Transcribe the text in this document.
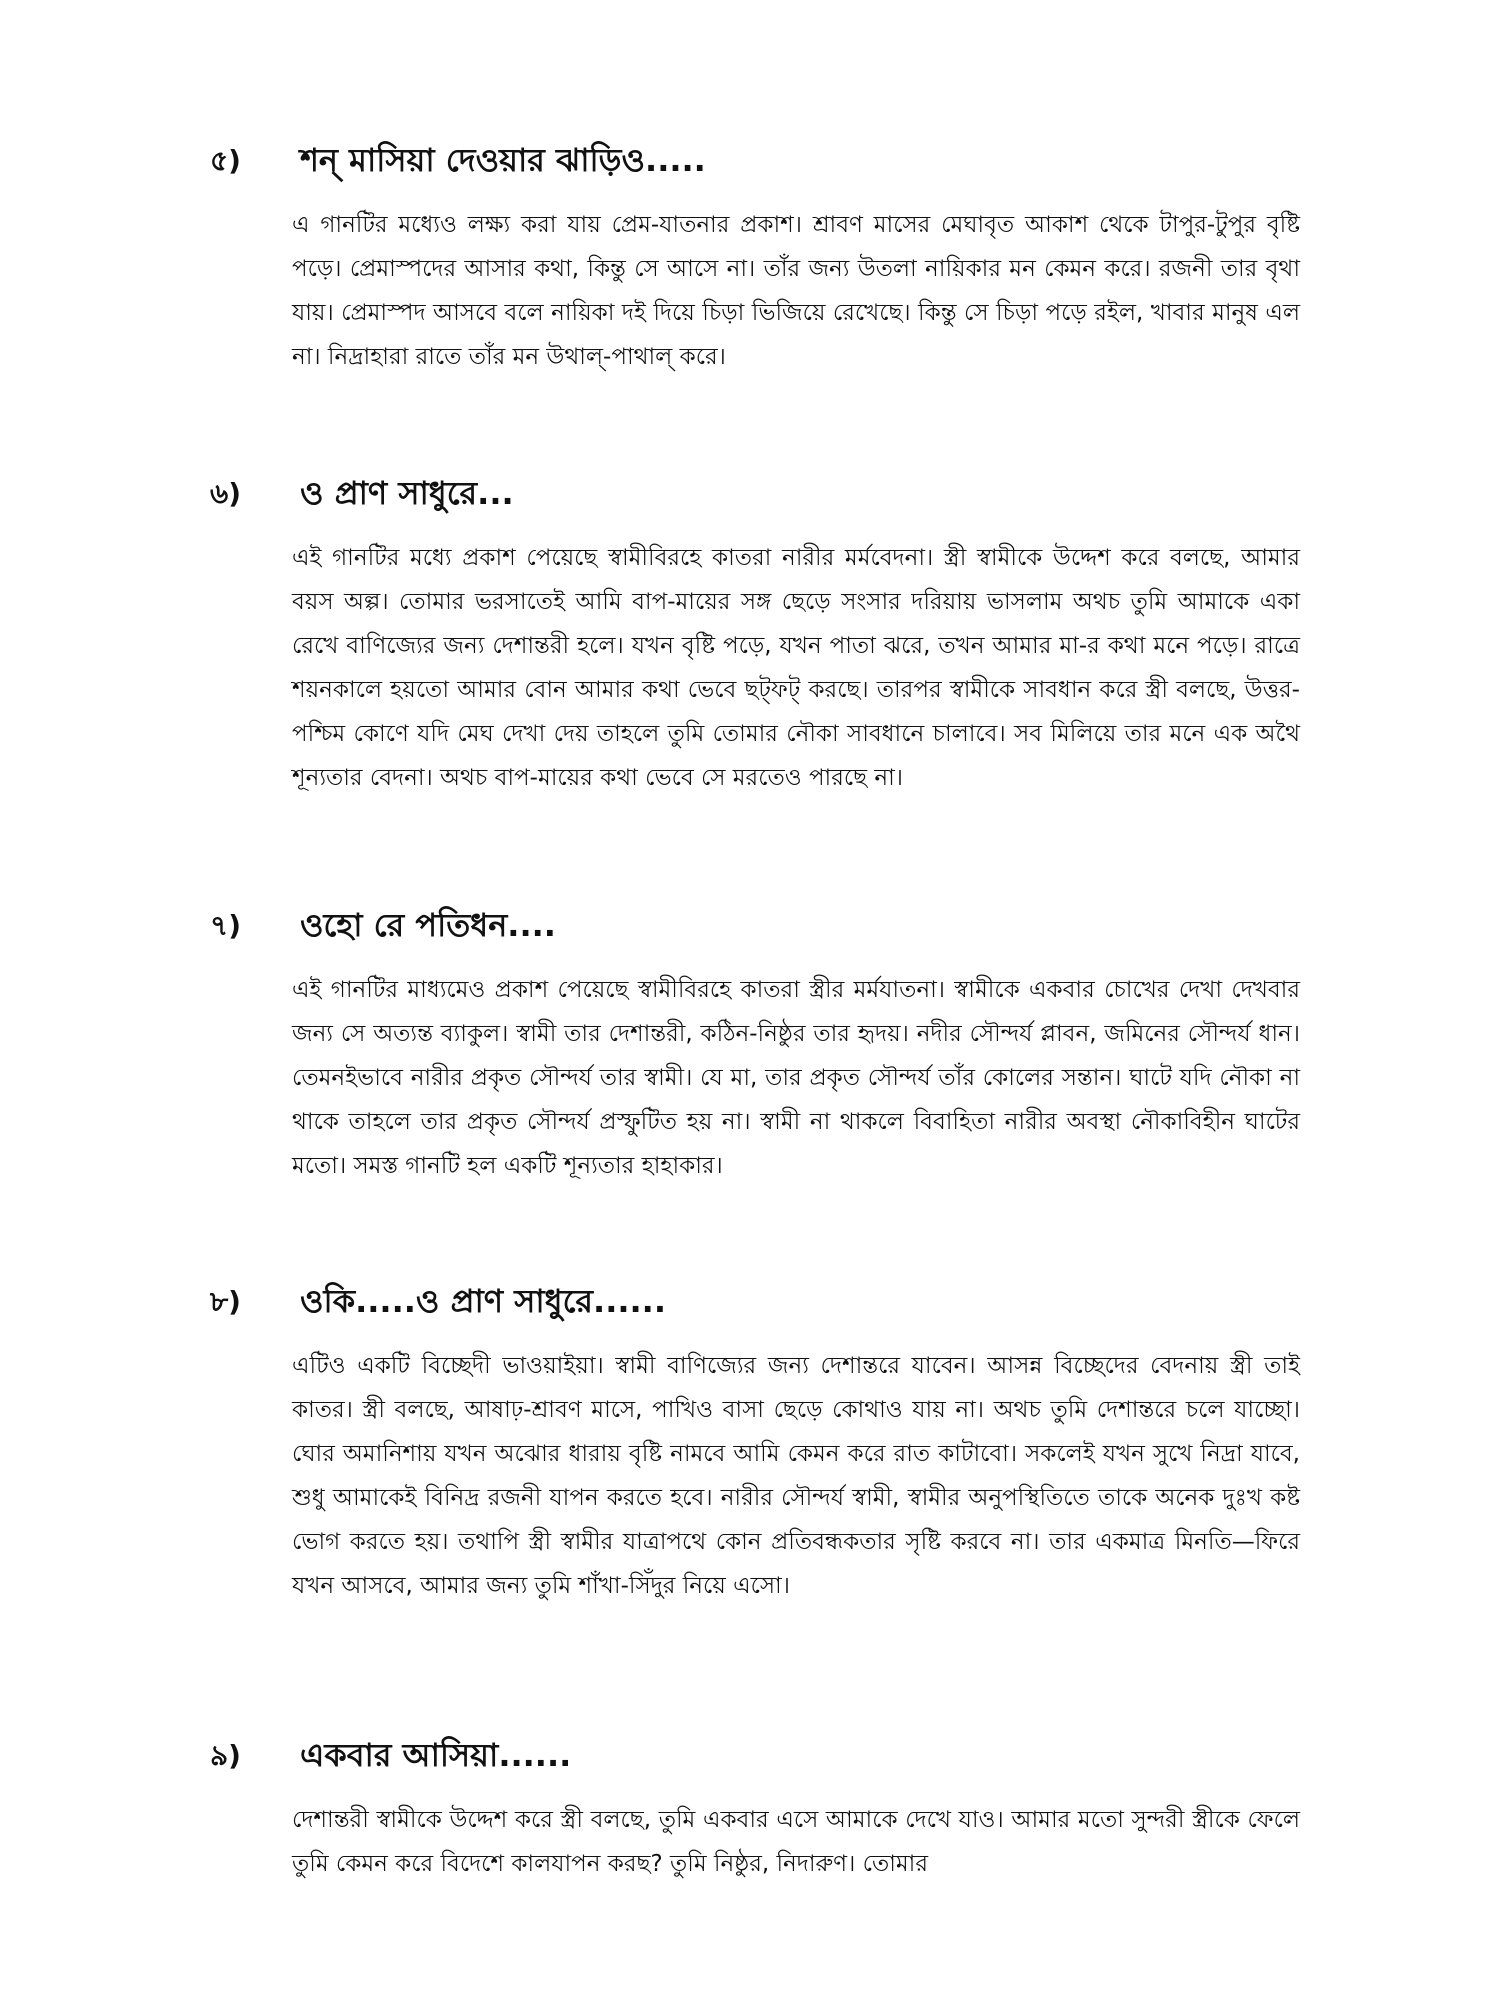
৫) শন্ মাসিয়া দেওয়ার ঝাড়িও.....

এ গানটির মধ্যেও লক্ষ্য করা যায় প্রেম-যাতনার প্রকাশ। শ্রাবণ মাসের মেঘাবৃত আকাশ থেকে টাপুর-টুপুর বৃষ্টি পড়ে। প্রেমাস্পদের আসার কথা, কিন্তু সে আসে না। তাঁর জন্য উতলা নায়িকার মন কেমন করে। রজনী তার বৃথা যায়। প্রেমাস্পদ আসবে বলে নায়িকা দই দিয়ে চিড়া ভিজিয়ে রেখেছে। কিন্তু সে চিড়া পড়ে রইল, খাবার মানুষ এল না। নিদ্রাহারা রাতে তাঁর মন উথাল্-পাথাল্ করে।

৬) ও প্রাণ সাধুরে...

এই গানটির মধ্যে প্রকাশ পেয়েছে স্বামীবিরহে কাতরা নারীর মর্মবেদনা। স্ত্রী স্বামীকে উদ্দেশ করে বলছে, আমার বয়স অল্প। তোমার ভরসাতেই আমি বাপ-মায়ের সঙ্গ ছেড়ে সংসার দরিয়ায় ভাসলাম অথচ তুমি আমাকে একা রেখে বাণিজ্যের জন্য দেশান্তরী হলে। যখন বৃষ্টি পড়ে, যখন পাতা ঝরে, তখন আমার মা-র কথা মনে পড়ে। রাত্রে শয়নকালে হয়তো আমার বোন আমার কথা ভেবে ছট্‌ফট্ করছে। তারপর স্বামীকে সাবধান করে স্ত্রী বলছে, উত্তর-পশ্চিম কোণে যদি মেঘ দেখা দেয় তাহলে তুমি তোমার নৌকা সাবধানে চালাবে। সব মিলিয়ে তার মনে এক অথৈ শূন্যতার বেদনা। অথচ বাপ-মায়ের কথা ভেবে সে মরতেও পারছে না।

৭) ওহো রে পতিধন....

এই গানটির মাধ্যমেও প্রকাশ পেয়েছে স্বামীবিরহে কাতরা স্ত্রীর মর্মযাতনা। স্বামীকে একবার চোখের দেখা দেখবার জন্য সে অত্যন্ত ব্যাকুল। স্বামী তার দেশান্তরী, কঠিন-নিষ্ঠুর তার হৃদয়। নদীর সৌন্দর্য প্লাবন, জমিনের সৌন্দর্য ধান। তেমনইভাবে নারীর প্রকৃত সৌন্দর্য তার স্বামী। যে মা, তার প্রকৃত সৌন্দর্য তাঁর কোলের সন্তান। ঘাটে যদি নৌকা না থাকে তাহলে তার প্রকৃত সৌন্দর্য প্রস্ফুটিত হয় না। স্বামী না থাকলে বিবাহিতা নারীর অবস্থা নৌকাবিহীন ঘাটের মতো। সমস্ত গানটি হল একটি শূন্যতার হাহাকার।

৮) ওকি.....ও প্রাণ সাধুরে......

এটিও একটি বিচ্ছেদী ভাওয়াইয়া। স্বামী বাণিজ্যের জন্য দেশান্তরে যাবেন। আসন্ন বিচ্ছেদের বেদনায় স্ত্রী তাই কাতর। স্ত্রী বলছে, আষাঢ়-শ্রাবণ মাসে, পাখিও বাসা ছেড়ে কোথাও যায় না। অথচ তুমি দেশান্তরে চলে যাচ্ছো। ঘোর অমানিশায় যখন অঝোর ধারায় বৃষ্টি নামবে আমি কেমন করে রাত কাটাবো। সকলেই যখন সুখে নিদ্রা যাবে, শুধু আমাকেই বিনিদ্র রজনী যাপন করতে হবে। নারীর সৌন্দর্য স্বামী, স্বামীর অনুপস্থিতিতে তাকে অনেক দুঃখ কষ্ট ভোগ করতে হয়। তথাপি স্ত্রী স্বামীর যাত্রাপথে কোন প্রতিবন্ধকতার সৃষ্টি করবে না। তার একমাত্র মিনতি—ফিরে যখন আসবে, আমার জন্য তুমি শাঁখা-সিঁদুর নিয়ে এসো।

৯) একবার আসিয়া......

দেশান্তরী স্বামীকে উদ্দেশ করে স্ত্রী বলছে, তুমি একবার এসে আমাকে দেখে যাও। আমার মতো সুন্দরী স্ত্রীকে ফেলে তুমি কেমন করে বিদেশে কালযাপন করছ? তুমি নিষ্ঠুর, নিদারুণ। তোমার
